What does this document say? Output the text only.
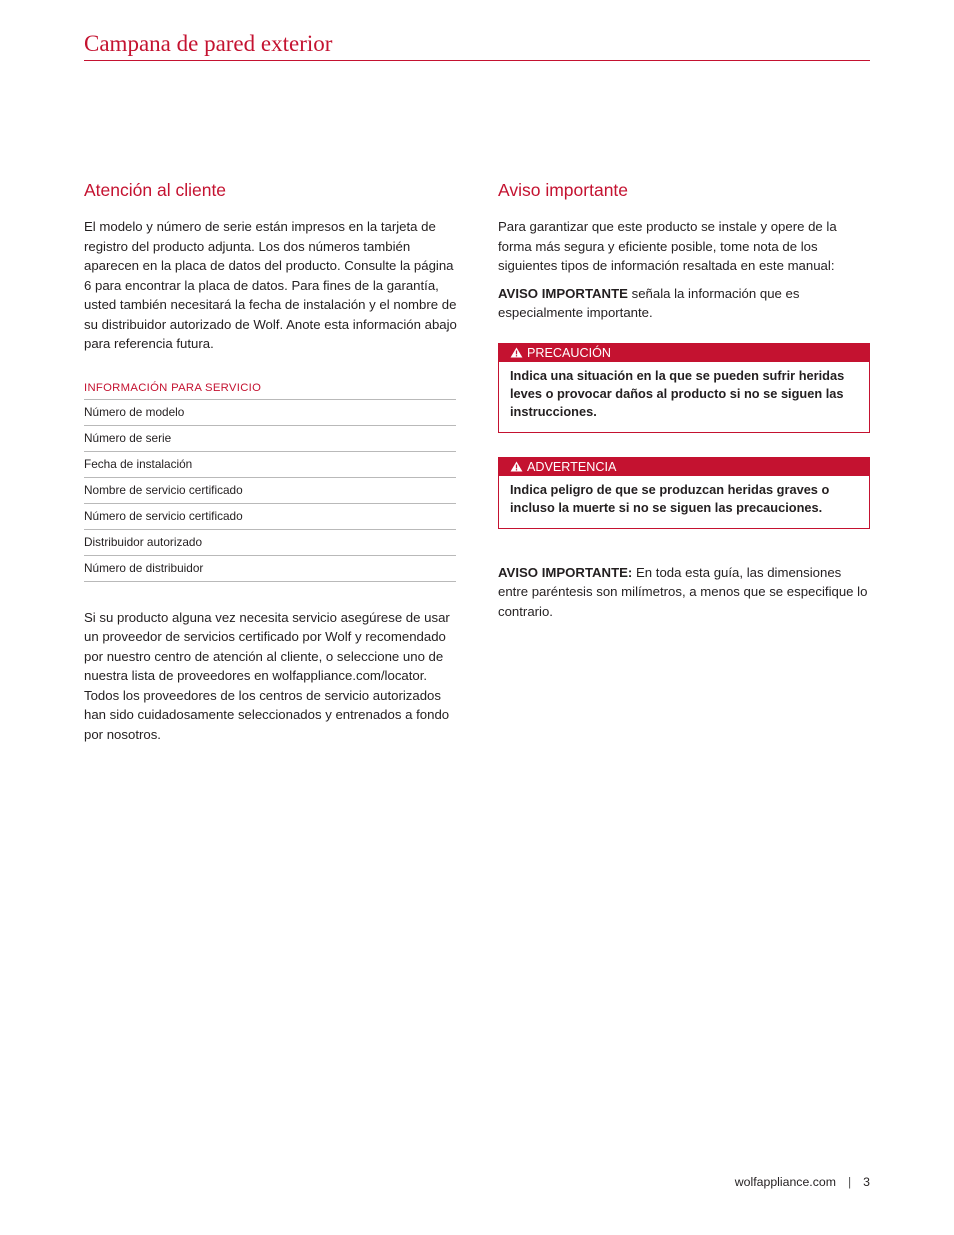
Campana de pared exterior
Atención al cliente

El modelo y número de serie están impresos en la tarjeta de registro del producto adjunta. Los dos números también aparecen en la placa de datos del producto. Consulte la página 6 para encontrar la placa de datos. Para fines de la garantía, usted también necesitará la fecha de instalación y el nombre de su distribuidor autorizado de Wolf. Anote esta información abajo para referencia futura.

INFORMACIÓN PARA SERVICIO
Número de modelo
Número de serie
Fecha de instalación
Nombre de servicio certificado
Número de servicio certificado
Distribuidor autorizado
Número de distribuidor

Si su producto alguna vez necesita servicio asegúrese de usar un proveedor de servicios certificado por Wolf y recomendado por nuestro centro de atención al cliente, o seleccione uno de nuestra lista de proveedores en wolfappliance.com/locator. Todos los proveedores de los centros de servicio autorizados han sido cuidadosamente seleccionados y entrenados a fondo por nosotros.

Aviso importante

Para garantizar que este producto se instale y opere de la forma más segura y eficiente posible, tome nota de los siguientes tipos de información resaltada en este manual:

AVISO IMPORTANTE señala la información que es especialmente importante.

PRECAUCIÓN
Indica una situación en la que se pueden sufrir heridas leves o provocar daños al producto si no se siguen las instrucciones.
ADVERTENCIA
Indica peligro de que se produzcan heridas graves o incluso la muerte si no se siguen las precauciones.

AVISO IMPORTANTE: En toda esta guía, las dimensiones entre paréntesis son milímetros, a menos que se especifique lo contrario.

wolfappliance.com | 3
